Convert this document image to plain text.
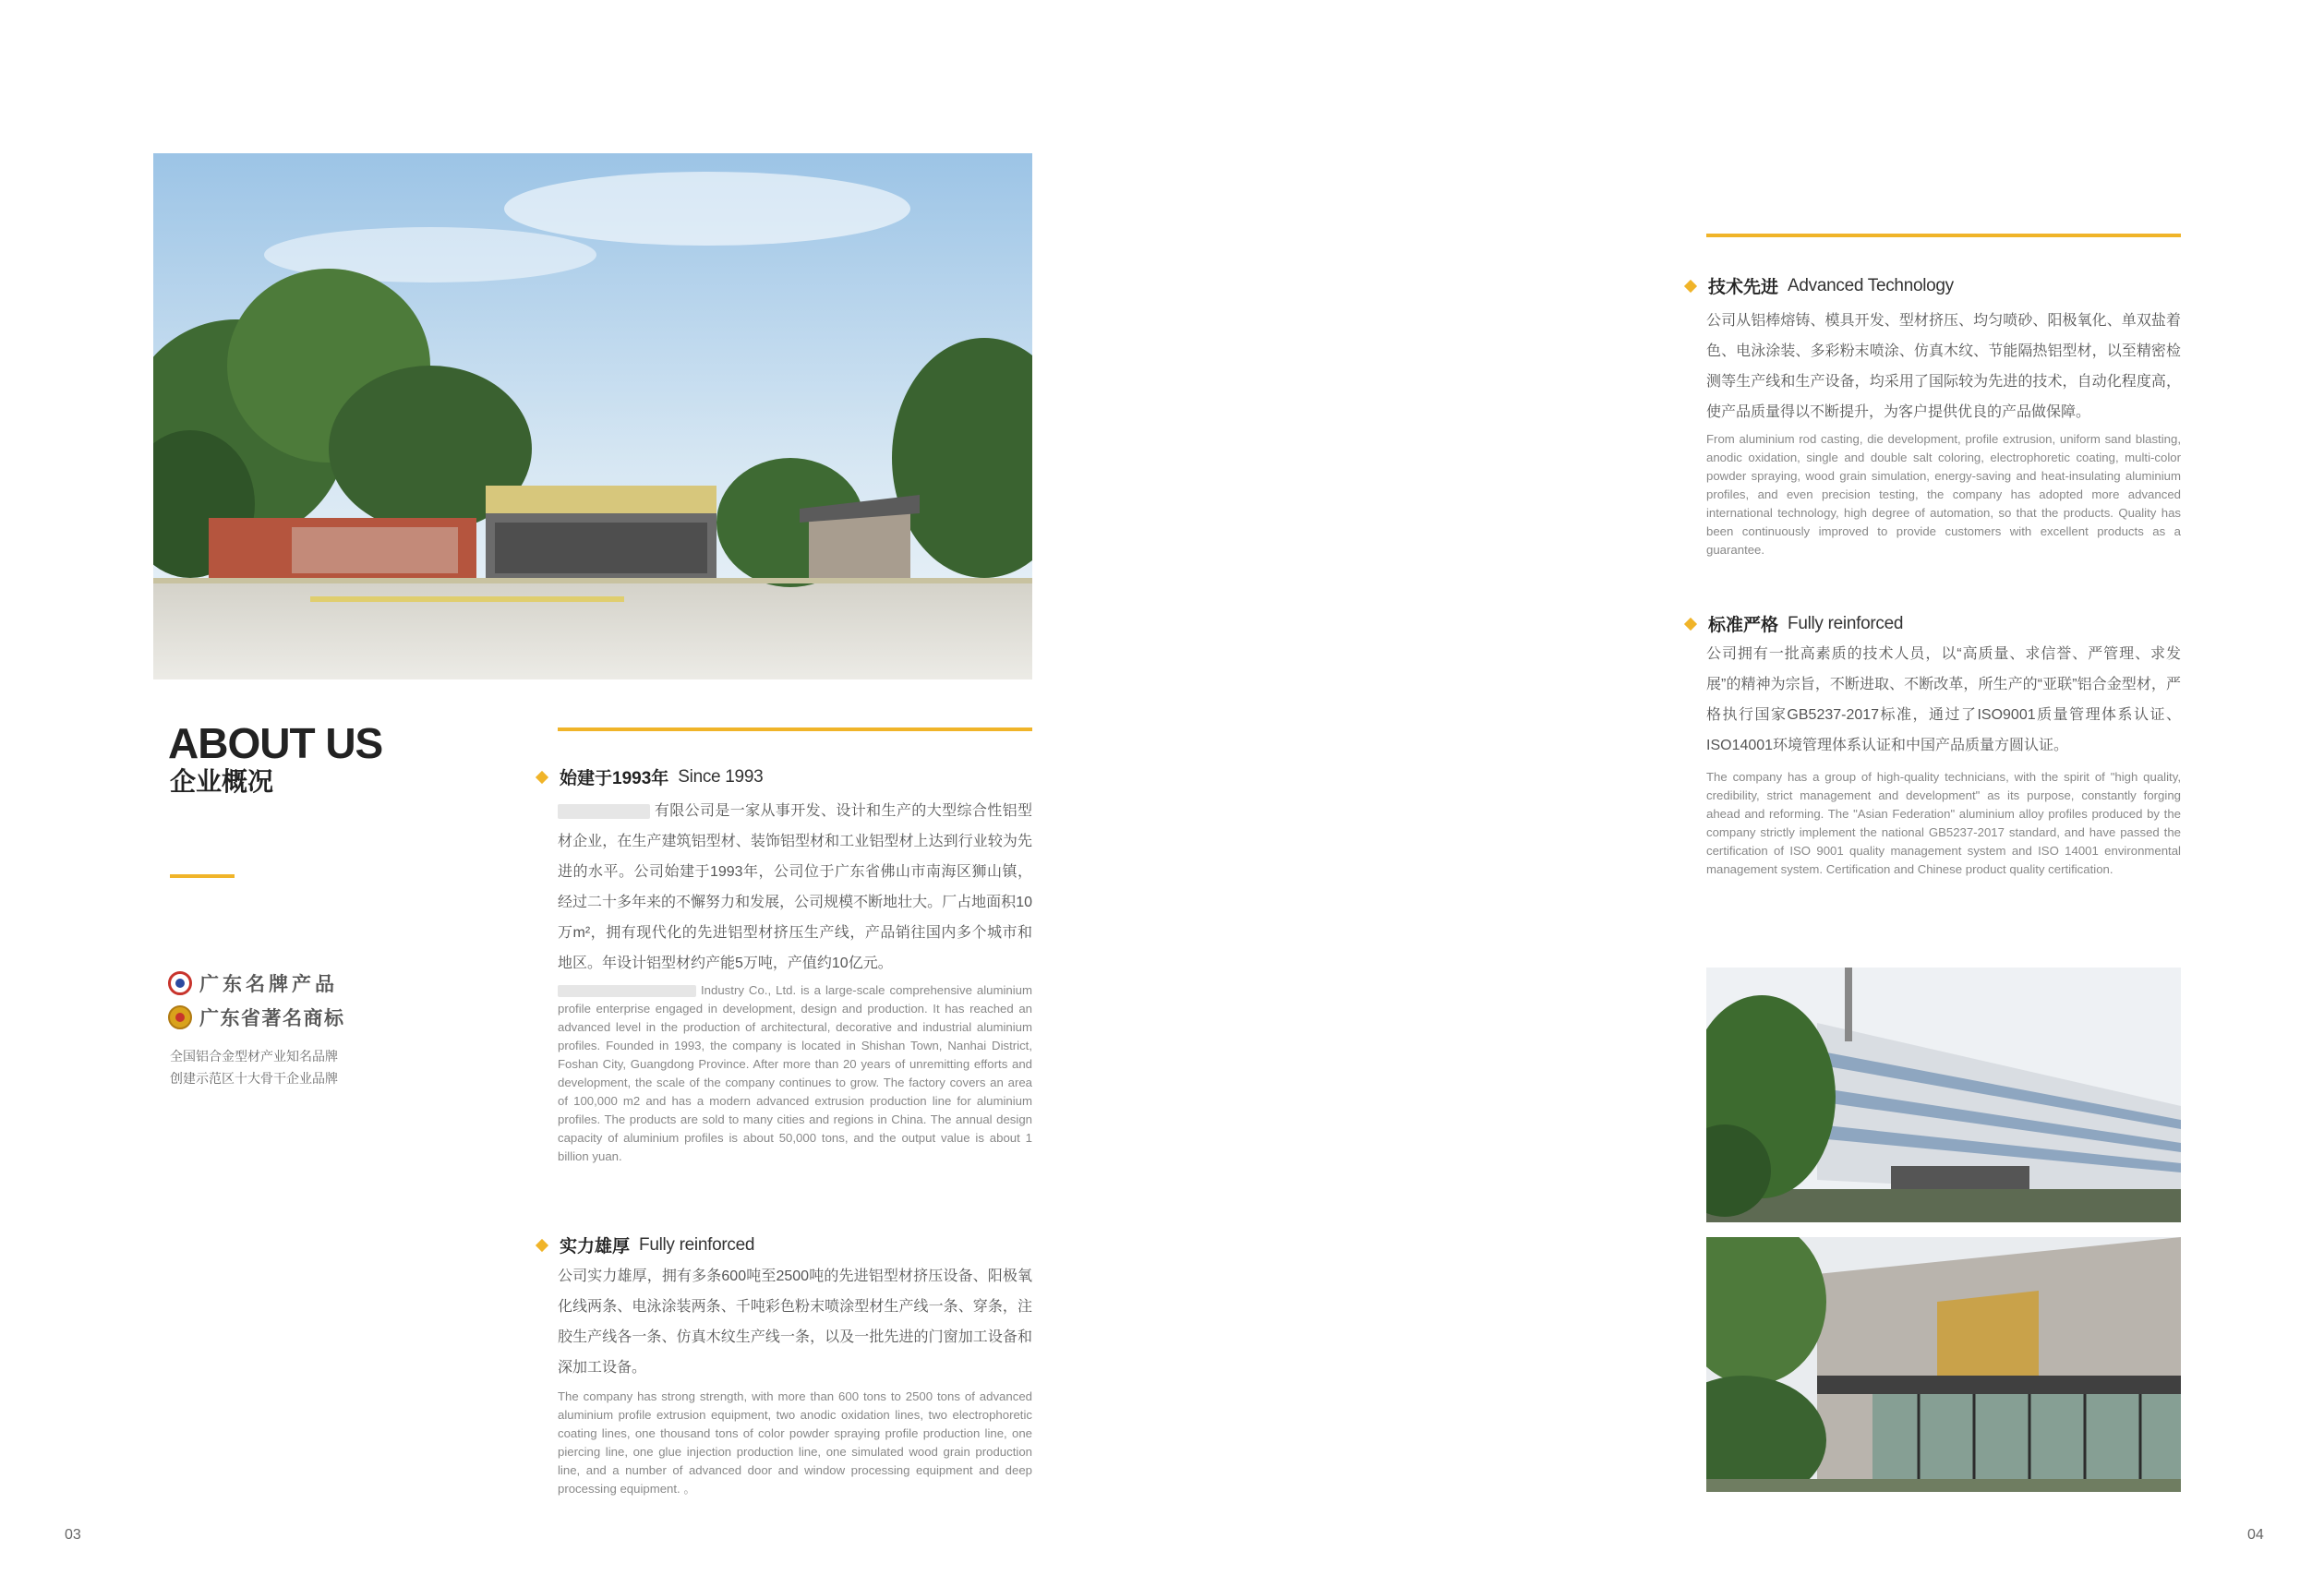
ABOUT US
企业概况
广东名牌产品
广东省著名商标
全国铝合金型材产业知名品牌
创建示范区十大骨干企业品牌
始建于1993年 Since 1993
有限公司是一家从事开发、设计和生产的大型综合性铝型材企业，在生产建筑铝型材、装饰铝型材和工业铝型材上达到行业较为先进的水平。公司始建于1993年，公司位于广东省佛山市南海区狮山镇，经过二十多年来的不懈努力和发展，公司规模不断地壮大。厂占地面积10万m²，拥有现代化的先进铝型材挤压生产线，产品销往国内多个城市和地区。年设计铝型材约产能5万吨，产值约10亿元。
Industry Co., Ltd. is a large-scale comprehensive aluminium profile enterprise engaged in development, design and production. It has reached an advanced level in the production of architectural, decorative and industrial aluminium profiles. Founded in 1993, the company is located in Shishan Town, Nanhai District, Foshan City, Guangdong Province. After more than 20 years of unremitting efforts and development, the scale of the company continues to grow. The factory covers an area of 100,000 m2 and has a modern advanced extrusion production line for aluminium profiles. The products are sold to many cities and regions in China. The annual design capacity of aluminium profiles is about 50,000 tons, and the output value is about 1 billion yuan.
实力雄厚 Fully reinforced
公司实力雄厚，拥有多条600吨至2500吨的先进铝型材挤压设备、阳极氧化线两条、电泳涂装两条、千吨彩色粉末喷涂型材生产线一条、穿条，注胶生产线各一条、仿真木纹生产线一条，以及一批先进的门窗加工设备和深加工设备。
The company has strong strength, with more than 600 tons to 2500 tons of advanced aluminium profile extrusion equipment, two anodic oxidation lines, two electrophoretic coating lines, one thousand tons of color powder spraying profile production line, one piercing line, one glue injection production line, one simulated wood grain production line, and a number of advanced door and window processing equipment and deep processing equipment. 。
03
技术先进 Advanced Technology
公司从铝棒熔铸、模具开发、型材挤压、均匀喷砂、阳极氧化、单双盐着色、电泳涂装、多彩粉末喷涂、仿真木纹、节能隔热铝型材，以至精密检测等生产线和生产设备，均采用了国际较为先进的技术，自动化程度高，使产品质量得以不断提升，为客户提供优良的产品做保障。
From aluminium rod casting, die development, profile extrusion, uniform sand blasting, anodic oxidation, single and double salt coloring, electrophoretic coating, multi-color powder spraying, wood grain simulation, energy-saving and heat-insulating aluminium profiles, and even precision testing, the company has adopted more advanced international technology, high degree of automation, so that the products. Quality has been continuously improved to provide customers with excellent products as a guarantee.
标准严格 Fully reinforced
公司拥有一批高素质的技术人员，以“高质量、求信誉、严管理、求发展”的精神为宗旨，不断进取、不断改革，所生产的“亚联”铝合金型材，严格执行国家GB5237-2017标准，通过了ISO9001质量管理体系认证、ISO14001环境管理体系认证和中国产品质量方圆认证。
The company has a group of high-quality technicians, with the spirit of "high quality, credibility, strict management and development" as its purpose, constantly forging ahead and reforming. The "Asian Federation" aluminium alloy profiles produced by the company strictly implement the national GB5237-2017 standard, and have passed the certification of ISO 9001 quality management system and ISO 14001 environmental management system. Certification and Chinese product quality certification.
04
